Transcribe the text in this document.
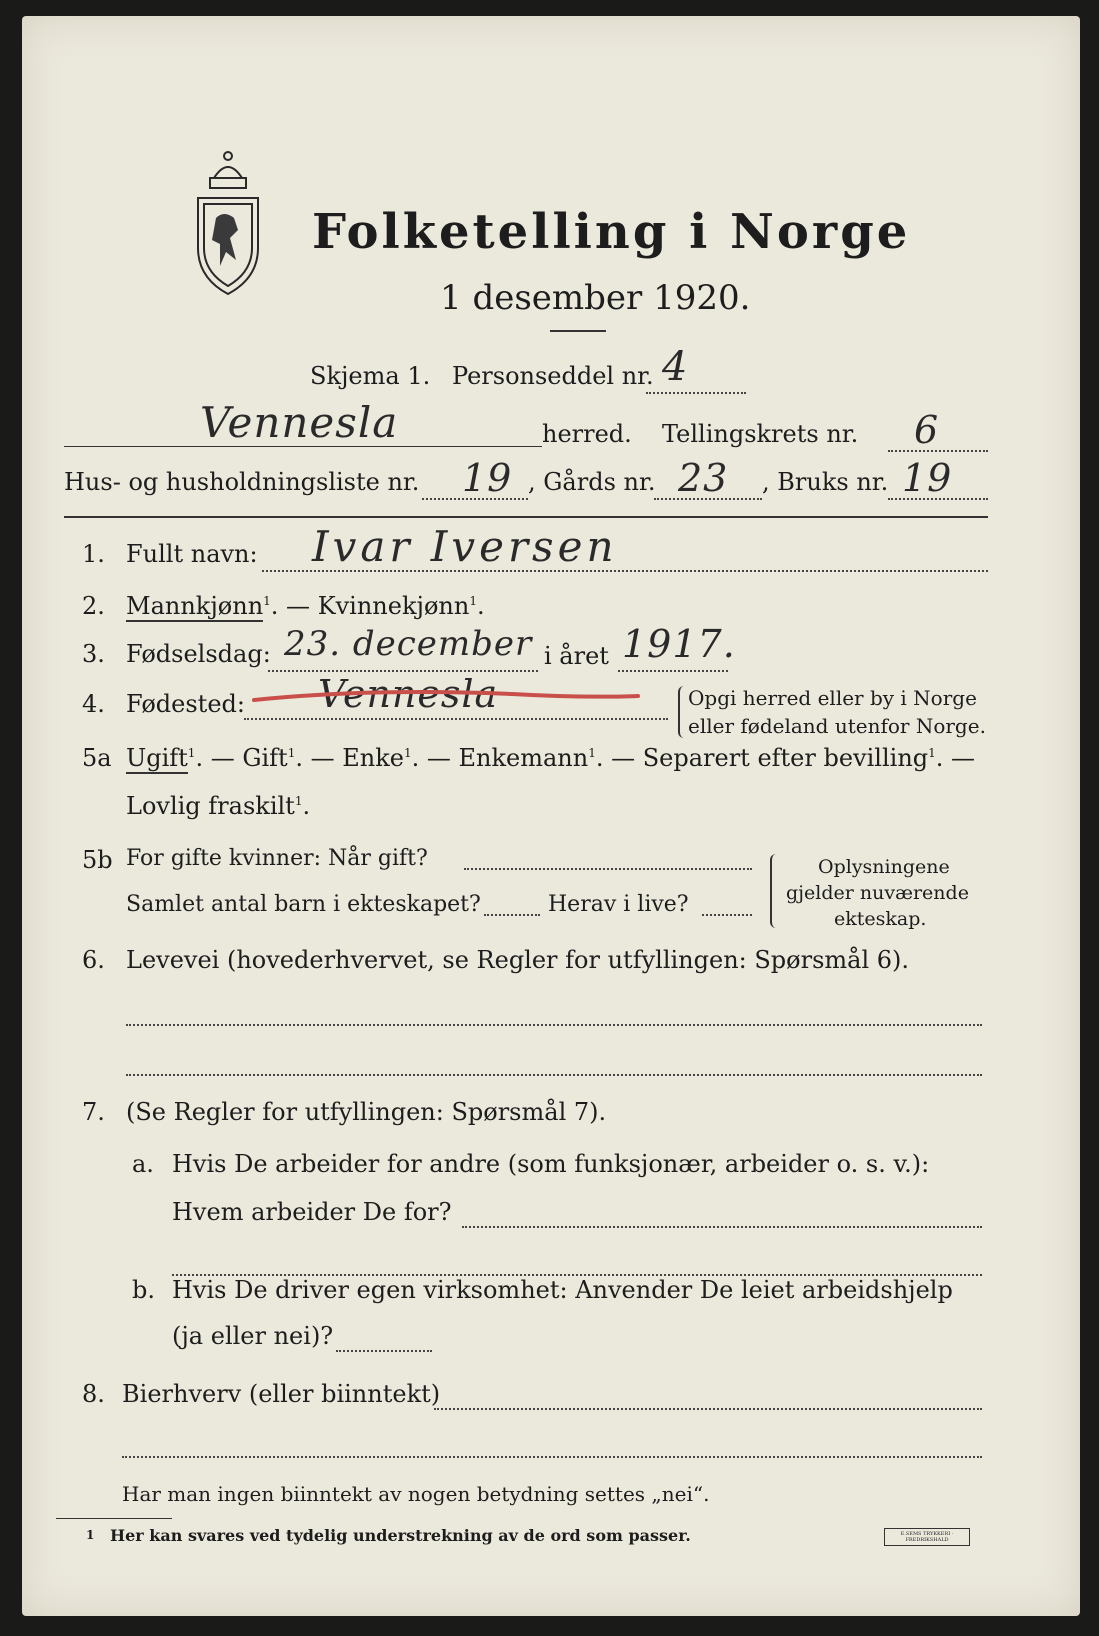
Folketelling i Norge
1 desember 1920.
Skjema 1. Personseddel nr. 4
Vennesla	herred. Tellingskrets nr. 6
Hus- og husholdningsliste nr. 19 , Gårds nr. 23 , Bruks nr. 19
1. Fullt navn: Ivar Iversen
2. Mannkjønn$^1$. — Kvinnekjønn$^1$.
3. Fødselsdag: 23. december i året 1917.
4. Fødested: Vennesla	Opgi herred eller by i Norge
eller fødeland utenfor Norge.
5a Ugift$^1$. — Gift$^1$. — Enke$^1$. — Enkemann$^1$. — Separert efter bevilling$^1$. —
Lovlig fraskilt$^1$.
5b For gifte kvinner: Når gift?
Samlet antal barn i ekteskapet?	Herav i live?
Oplysningene
gjelder nuværende
ekteskap.
6. Levevei (hovederhvervet, se Regler for utfyllingen: Spørsmål 6).
7. (Se Regler for utfyllingen: Spørsmål 7).
a. Hvis De arbeider for andre (som funksjonær, arbeider o. s. v.):
Hvem arbeider De for?
b. Hvis De driver egen virksomhet: Anvender De leiet arbeidshjelp
(ja eller nei)?
8. Bierhverv (eller biinntekt)
Har man ingen biinntekt av nogen betydning settes „nei“.
1 Her kan svares ved tydelig understrekning av de ord som passer.	E.SEMS TRYKKERI · FREDRIKSHALD
